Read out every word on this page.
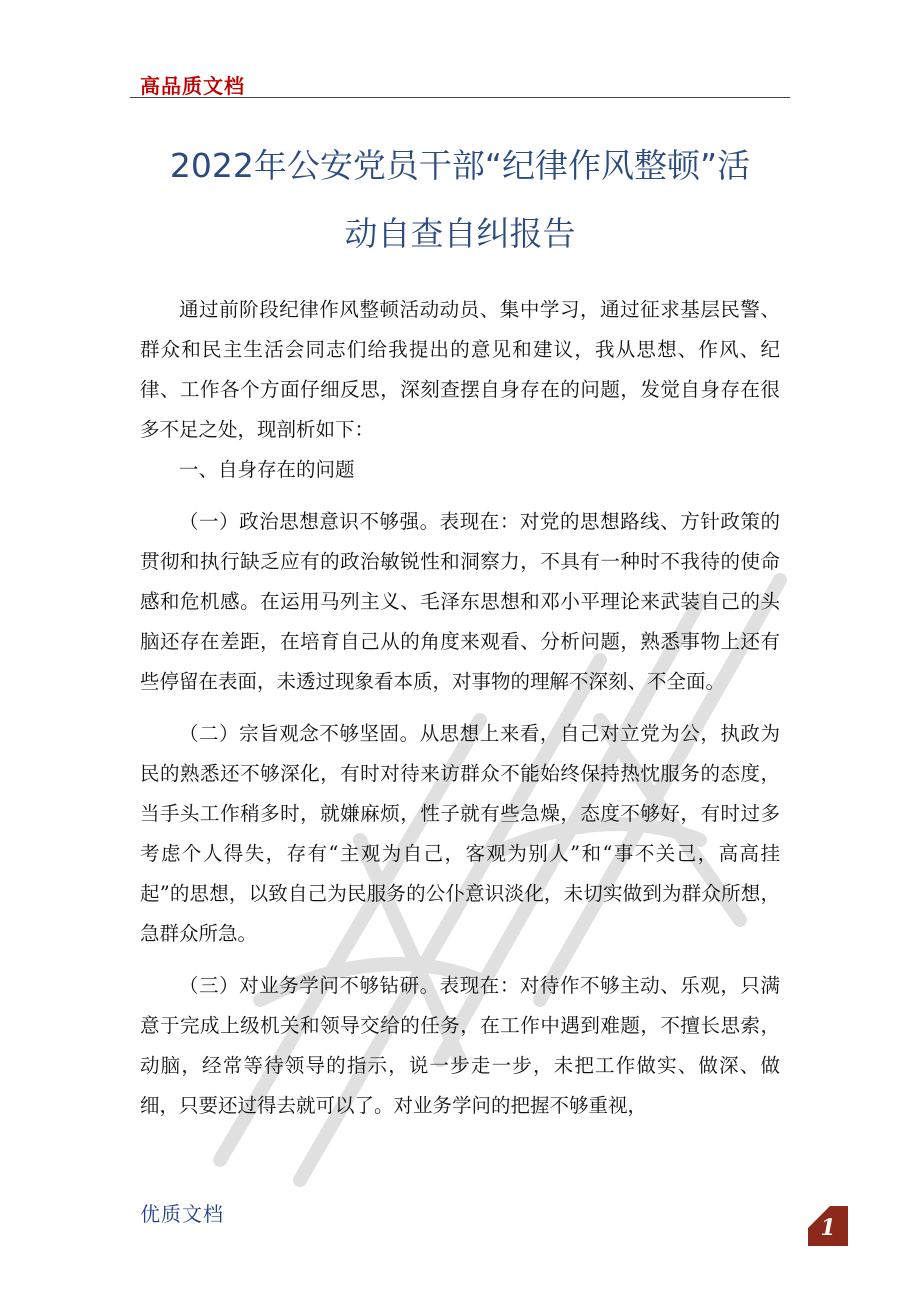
高品质文档
2022年公安党员干部“纪律作风整顿”活
动自查自纠报告

通过前阶段纪律作风整顿活动动员、集中学习，通过征求基层民警、群众和民主生活会同志们给我提出的意见和建议，我从思想、作风、纪律、工作各个方面仔细反思，深刻查摆自身存在的问题，发觉自身存在很多不足之处，现剖析如下：

一、自身存在的问题

（一）政治思想意识不够强。表现在：对党的思想路线、方针政策的贯彻和执行缺乏应有的政治敏锐性和洞察力，不具有一种时不我待的使命感和危机感。在运用马列主义、毛泽东思想和邓小平理论来武装自己的头脑还存在差距，在培育自己从的角度来观看、分析问题，熟悉事物上还有些停留在表面，未透过现象看本质，对事物的理解不深刻、不全面。

（二）宗旨观念不够坚固。从思想上来看，自己对立党为公，执政为民的熟悉还不够深化，有时对待来访群众不能始终保持热忱服务的态度，当手头工作稍多时，就嫌麻烦，性子就有些急燥，态度不够好，有时过多考虑个人得失，存有“主观为自己，客观为别人”和“事不关己，高高挂起”的思想，以致自己为民服务的公仆意识淡化，未切实做到为群众所想，急群众所急。

（三）对业务学问不够钻研。表现在：对待作不够主动、乐观，只满意于完成上级机关和领导交给的任务，在工作中遇到难题，不擅长思索，动脑，经常等待领导的指示，说一步走一步，未把工作做实、做深、做细，只要还过得去就可以了。对业务学问的把握不够重视，

优质文档
1
